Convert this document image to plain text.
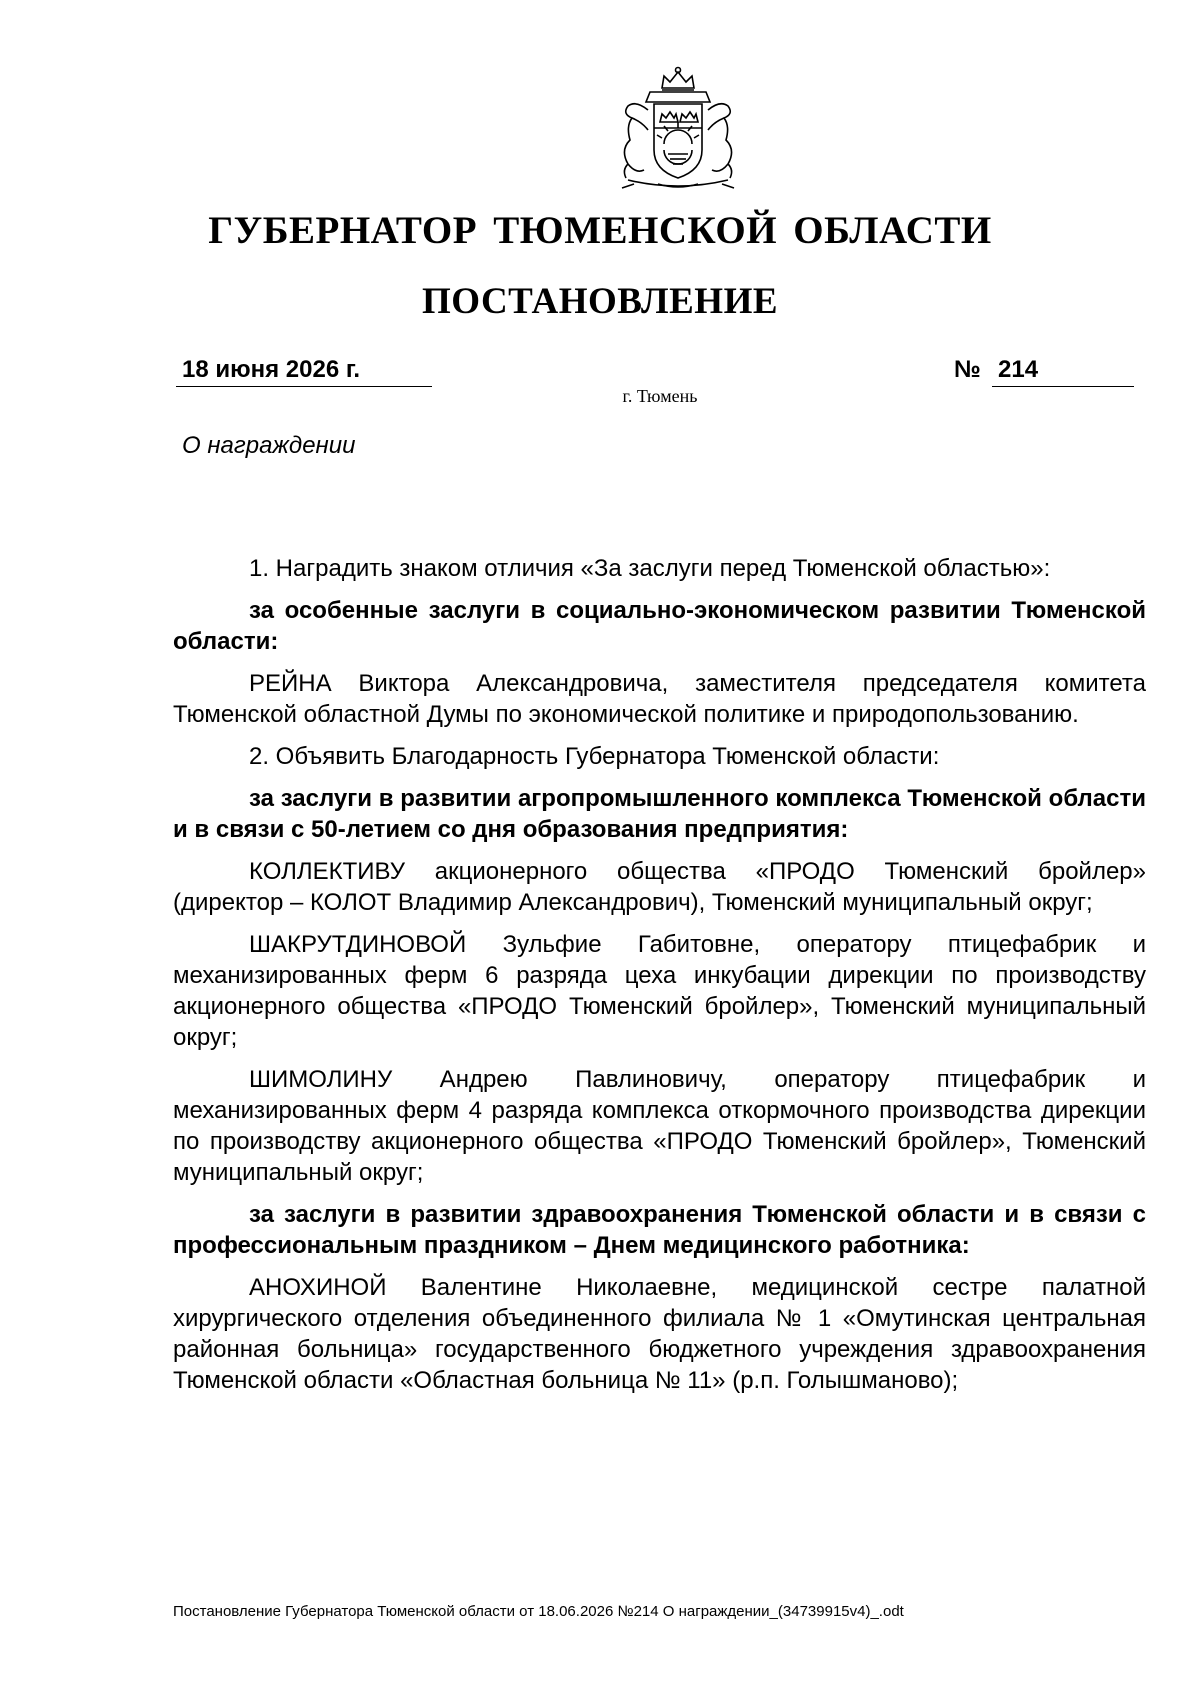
ГУБЕРНАТОР ТЮМЕНСКОЙ ОБЛАСТИ
ПОСТАНОВЛЕНИЕ
18 июня 2026 г.	№ 214
г. Тюмень
О награждении

1. Наградить знаком отличия «За заслуги перед Тюменской областью»:

за особенные заслуги в социально-экономическом развитии Тюменской области:

РЕЙНА Виктора Александровича, заместителя председателя комитета Тюменской областной Думы по экономической политике и природопользованию.

2. Объявить Благодарность Губернатора Тюменской области:

за заслуги в развитии агропромышленного комплекса Тюменской области и в связи с 50-летием со дня образования предприятия:

КОЛЛЕКТИВУ акционерного общества «ПРОДО Тюменский бройлер» (директор – КОЛОТ Владимир Александрович), Тюменский муниципальный округ;

ШАКРУТДИНОВОЙ Зульфие Габитовне, оператору птицефабрик и механизированных ферм 6 разряда цеха инкубации дирекции по производству акционерного общества «ПРОДО Тюменский бройлер», Тюменский муниципальный округ;

ШИМОЛИНУ Андрею Павлиновичу, оператору птицефабрик и механизированных ферм 4 разряда комплекса откормочного производства дирекции по производству акционерного общества «ПРОДО Тюменский бройлер», Тюменский муниципальный округ;

за заслуги в развитии здравоохранения Тюменской области и в связи с профессиональным праздником – Днем медицинского работника:

АНОХИНОЙ Валентине Николаевне, медицинской сестре палатной хирургического отделения объединенного филиала № 1 «Омутинская центральная районная больница» государственного бюджетного учреждения здравоохранения Тюменской области «Областная больница № 11» (р.п. Голышманово);

Постановление Губернатора Тюменской области от 18.06.2026 №214 О награждении_(34739915v4)_.odt
